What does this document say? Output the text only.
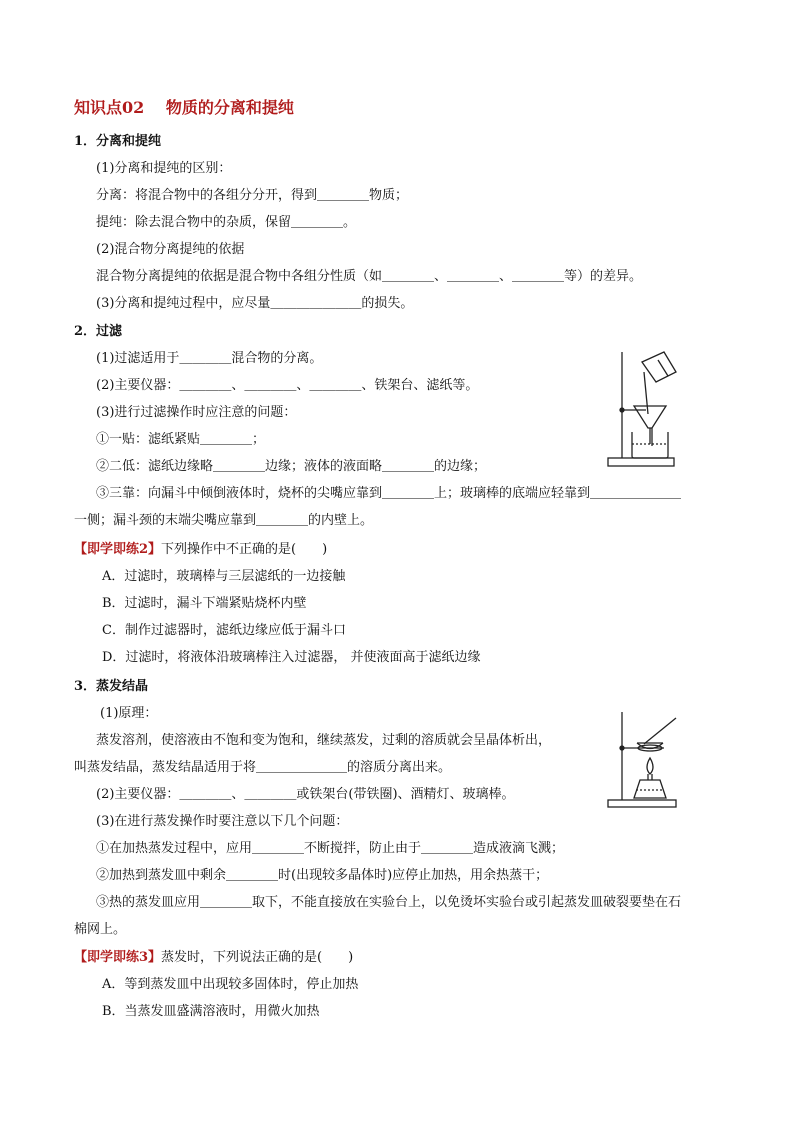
知识点02　 物质的分离和提纯
1．分离和提纯
(1)分离和提纯的区别：
分离：将混合物中的各组分分开，得到＿＿＿＿物质；
提纯：除去混合物中的杂质，保留＿＿＿＿。
(2)混合物分离提纯的依据
混合物分离提纯的依据是混合物中各组分性质（如＿＿＿＿、＿＿＿＿、＿＿＿＿等）的差异。
(3)分离和提纯过程中，应尽量＿＿＿＿＿＿＿的损失。
2．过滤
(1)过滤适用于＿＿＿＿混合物的分离。
(2)主要仪器：＿＿＿＿、＿＿＿＿、＿＿＿＿、铁架台、滤纸等。
(3)进行过滤操作时应注意的问题：
①一贴：滤纸紧贴＿＿＿＿；
②二低：滤纸边缘略＿＿＿＿边缘；液体的液面略＿＿＿＿的边缘；
③三靠：向漏斗中倾倒液体时，烧杯的尖嘴应靠到＿＿＿＿上；玻璃棒的底端应轻靠到＿＿＿＿＿＿＿
一侧；漏斗颈的末端尖嘴应靠到＿＿＿＿的内壁上。
【即学即练2】下列操作中不正确的是(　　)
A．过滤时，玻璃棒与三层滤纸的一边接触
B．过滤时，漏斗下端紧贴烧杯内壁
C．制作过滤器时，滤纸边缘应低于漏斗口
D．过滤时，将液体沿玻璃棒注入过滤器， 并使液面高于滤纸边缘
3．蒸发结晶
(1)原理：
蒸发溶剂，使溶液由不饱和变为饱和，继续蒸发，过剩的溶质就会呈晶体析出，
叫蒸发结晶，蒸发结晶适用于将＿＿＿＿＿＿＿的溶质分离出来。
(2)主要仪器：＿＿＿＿、＿＿＿＿或铁架台(带铁圈)、酒精灯、玻璃棒。
(3)在进行蒸发操作时要注意以下几个问题：
①在加热蒸发过程中，应用＿＿＿＿不断搅拌，防止由于＿＿＿＿造成液滴飞溅；
②加热到蒸发皿中剩余＿＿＿＿时(出现较多晶体时)应停止加热，用余热蒸干；
③热的蒸发皿应用＿＿＿＿取下，不能直接放在实验台上，以免烫坏实验台或引起蒸发皿破裂要垫在石
棉网上。
【即学即练3】蒸发时，下列说法正确的是(　　)
A．等到蒸发皿中出现较多固体时，停止加热
B．当蒸发皿盛满溶液时，用微火加热
